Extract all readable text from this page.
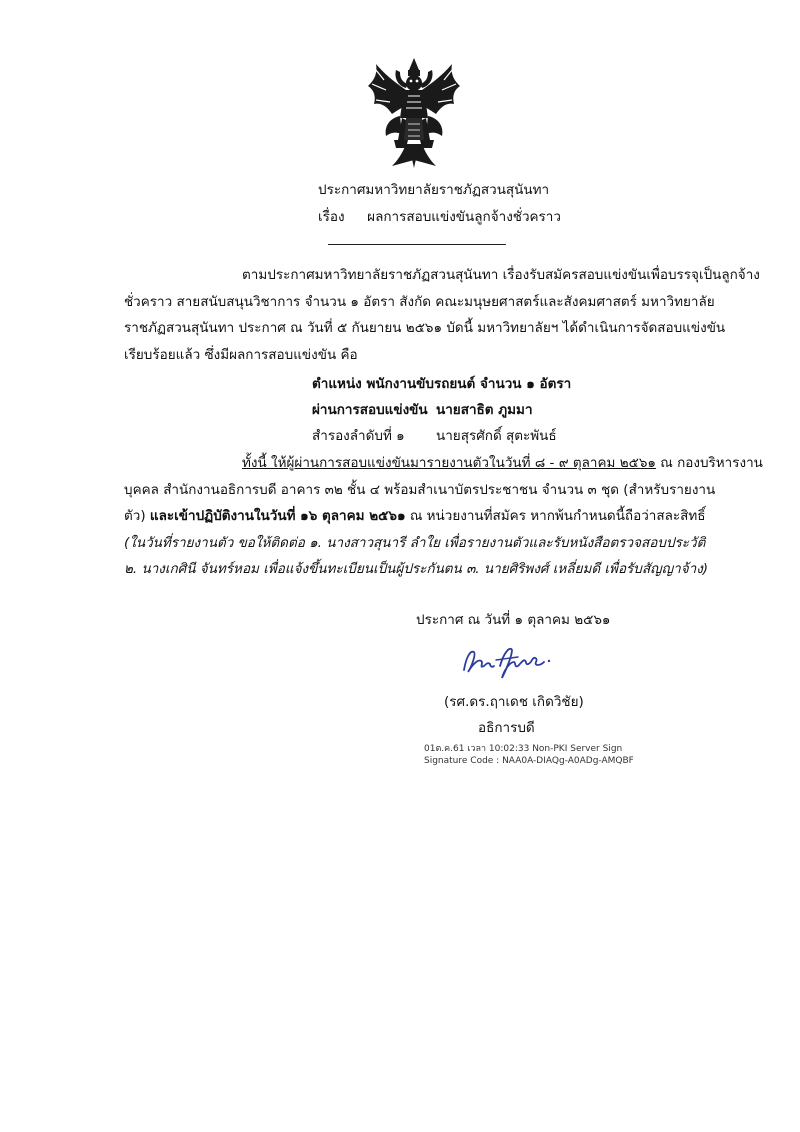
ประกาศมหาวิทยาลัยราชภัฏสวนสุนันทา
เรื่อง ผลการสอบแข่งขันลูกจ้างชั่วคราว
ตามประกาศมหาวิทยาลัยราชภัฏสวนสุนันทา เรื่องรับสมัครสอบแข่งขันเพื่อบรรจุเป็นลูกจ้าง
ชั่วคราว สายสนับสนุนวิชาการ จำนวน ๑ อัตรา สังกัด คณะมนุษยศาสตร์และสังคมศาสตร์ มหาวิทยาลัย
ราชภัฏสวนสุนันทา ประกาศ ณ วันที่ ๕ กันยายน ๒๕๖๑ บัดนี้ มหาวิทยาลัยฯ ได้ดำเนินการจัดสอบแข่งขัน
เรียบร้อยแล้ว ซึ่งมีผลการสอบแข่งขัน คือ
ตำแหน่ง พนักงานขับรถยนต์ จำนวน ๑ อัตรา
ผ่านการสอบแข่งขัน นายสาธิต ภูมมา
สำรองลำดับที่ ๑ นายสุรศักดิ์ สุตะพันธ์
ทั้งนี้ ให้ผู้ผ่านการสอบแข่งขันมารายงานตัวในวันที่ ๘ - ๙ ตุลาคม ๒๕๖๑ ณ กองบริหารงาน
บุคคล สำนักงานอธิการบดี อาคาร ๓๒ ชั้น ๔ พร้อมสำเนาบัตรประชาชน จำนวน ๓ ชุด (สำหรับรายงาน
ตัว) และเข้าปฏิบัติงานในวันที่ ๑๖ ตุลาคม ๒๕๖๑ ณ หน่วยงานที่สมัคร หากพ้นกำหนดนี้ถือว่าสละสิทธิ์
(ในวันที่รายงานตัว ขอให้ติดต่อ ๑. นางสาวสุนารี ลำใย เพื่อรายงานตัวและรับหนังสือตรวจสอบประวัติ
๒. นางเกศินี จันทร์หอม เพื่อแจ้งขึ้นทะเบียนเป็นผู้ประกันตน ๓. นายศิริพงศ์ เหลี่ยมดี เพื่อรับสัญญาจ้าง)
ประกาศ ณ วันที่ ๑ ตุลาคม ๒๕๖๑
(รศ.ดร.ฤาเดช เกิดวิชัย)
อธิการบดี
01ต.ค.61 เวลา 10:02:33 Non-PKI Server Sign
Signature Code : NAA0A-DIAQg-A0ADg-AMQBF
